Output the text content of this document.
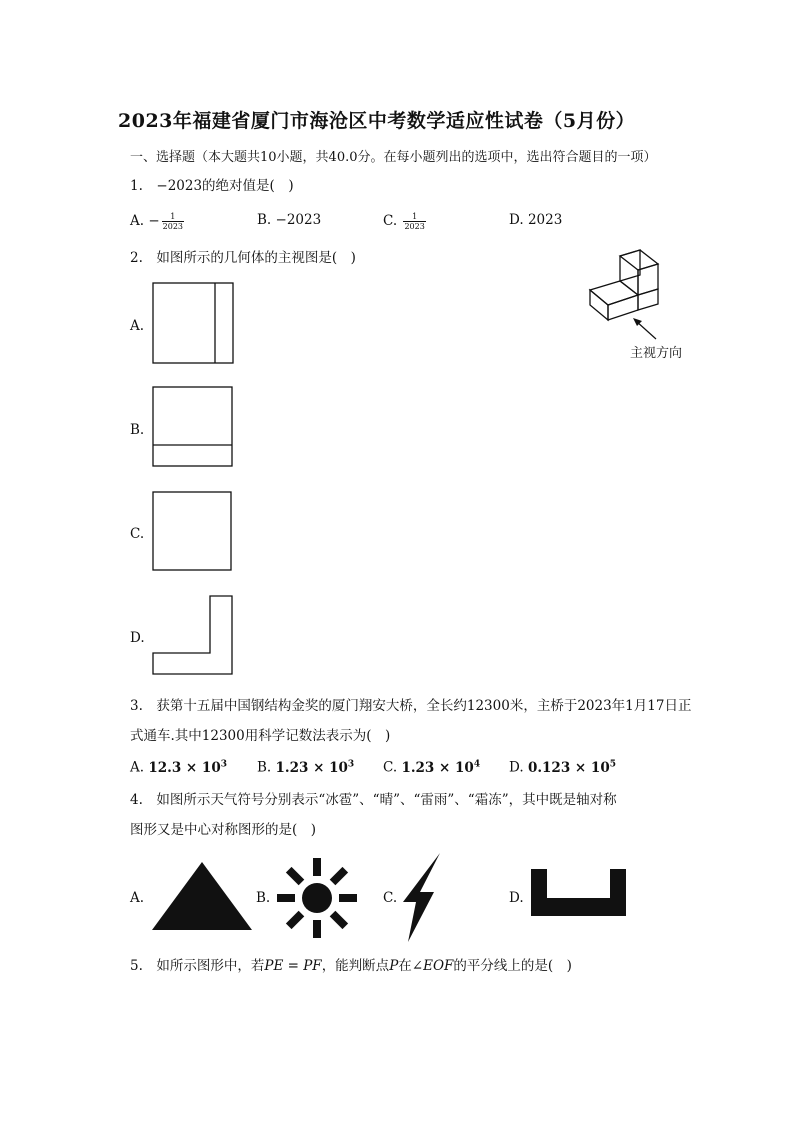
2023年福建省厦门市海沧区中考数学适应性试卷（5月份）
一、选择题（本大题共10小题，共40.0分。在每小题列出的选项中，选出符合题目的一项）
1.　−2023的绝对值是(　)
A. − $\frac{1}{2023}$	B. −2023	C. $\frac{1}{2023}$	D. 2023
2.　如图所示的几何体的主视图是(　)
主视方向
A.
B.
C.
D.
3.　获第十五届中国钢结构金奖的厦门翔安大桥，全长约12300米，主桥于2023年1月17日正
式通车.其中12300用科学记数法表示为(　)
A. $12.3 \times 10^3$ B. $1.23 \times 10^3$ C. $1.23 \times 10^4$ D. $0.123 \times 10^5$
4.　如图所示天气符号分别表示“冰雹”、“晴”、“雷雨”、“霜冻”，其中既是轴对称
图形又是中心对称图形的是(　)
A.	B.	C.	D.
5.　如所示图形中，若PE = PF，能判断点P在∠EOF的平分线上的是(　)
